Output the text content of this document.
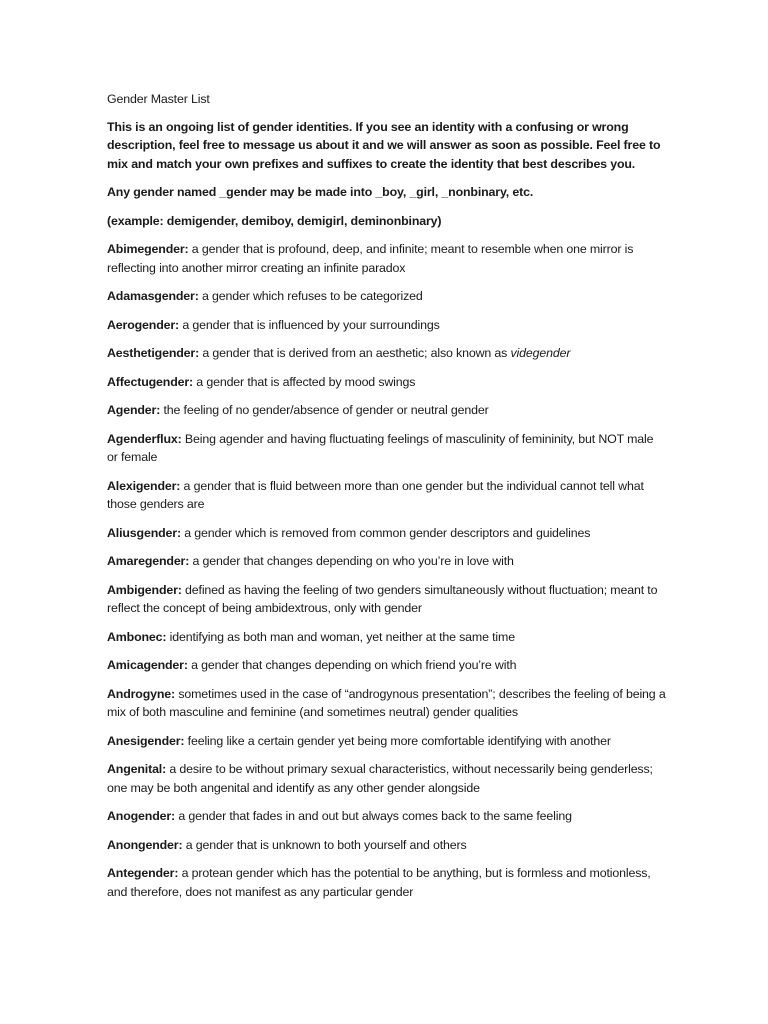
Gender Master List

This is an ongoing list of gender identities. If you see an identity with a confusing or wrong description, feel free to message us about it and we will answer as soon as possible. Feel free to mix and match your own prefixes and suffixes to create the identity that best describes you.

Any gender named _gender may be made into _boy, _girl, _nonbinary, etc.

(example: demigender, demiboy, demigirl, deminonbinary)

Abimegender: a gender that is profound, deep, and infinite; meant to resemble when one mirror is reflecting into another mirror creating an infinite paradox

Adamasgender: a gender which refuses to be categorized

Aerogender: a gender that is influenced by your surroundings

Aesthetigender: a gender that is derived from an aesthetic; also known as videgender

Affectugender: a gender that is affected by mood swings

Agender: the feeling of no gender/absence of gender or neutral gender

Agenderflux: Being agender and having fluctuating feelings of masculinity of femininity, but NOT male or female

Alexigender: a gender that is fluid between more than one gender but the individual cannot tell what those genders are

Aliusgender: a gender which is removed from common gender descriptors and guidelines

Amaregender: a gender that changes depending on who you’re in love with

Ambigender: defined as having the feeling of two genders simultaneously without fluctuation; meant to reflect the concept of being ambidextrous, only with gender

Ambonec: identifying as both man and woman, yet neither at the same time

Amicagender: a gender that changes depending on which friend you’re with

Androgyne: sometimes used in the case of “androgynous presentation”; describes the feeling of being a mix of both masculine and feminine (and sometimes neutral) gender qualities

Anesigender: feeling like a certain gender yet being more comfortable identifying with another

Angenital: a desire to be without primary sexual characteristics, without necessarily being genderless; one may be both angenital and identify as any other gender alongside

Anogender: a gender that fades in and out but always comes back to the same feeling

Anongender: a gender that is unknown to both yourself and others

Antegender: a protean gender which has the potential to be anything, but is formless and motionless, and therefore, does not manifest as any particular gender
